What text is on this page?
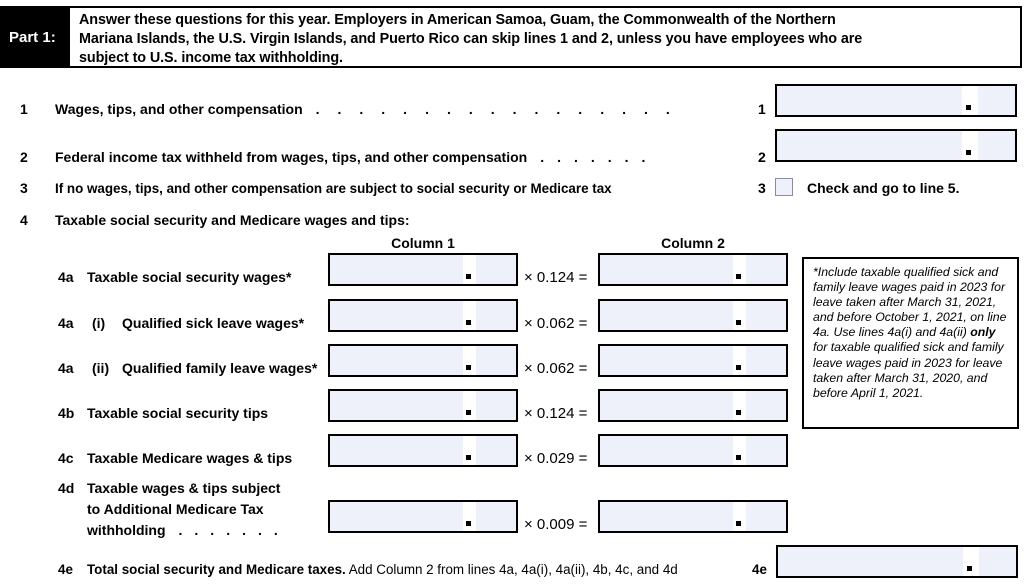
Part 1:
Answer these questions for this year. Employers in American Samoa, Guam, the Commonwealth of the Northern
Mariana Islands, the U.S. Virgin Islands, and Puerto Rico can skip lines 1 and 2, unless you have employees who are
subject to U.S. income tax withholding.
1 Wages, tips, and other compensation .................	1
2 Federal income tax withheld from wages, tips, and other compensation .......	2
3 If no wages, tips, and other compensation are subject to social security or Medicare tax	3	Check and go to line 5.
4 Taxable social security and Medicare wages and tips:
Column 1	Column 2
4a Taxable social security wages*	× 0.124 =
4a (i) Qualified sick leave wages*	× 0.062 =
4a (ii) Qualified family leave wages*	× 0.062 =
4b Taxable social security tips	× 0.124 =
4c Taxable Medicare wages & tips	× 0.029 =
4d Taxable wages & tips subject
to Additional Medicare Tax
withholding .......	× 0.009 =
*Include taxable qualified sick and family leave wages paid in 2023 for leave taken after March 31, 2021, and before October 1, 2021, on line 4a. Use lines 4a(i) and 4a(ii) only for taxable qualified sick and family leave wages paid in 2023 for leave taken after March 31, 2020, and before April 1, 2021.
4e Total social security and Medicare taxes. Add Column 2 from lines 4a, 4a(i), 4a(ii), 4b, 4c, and 4d	4e
